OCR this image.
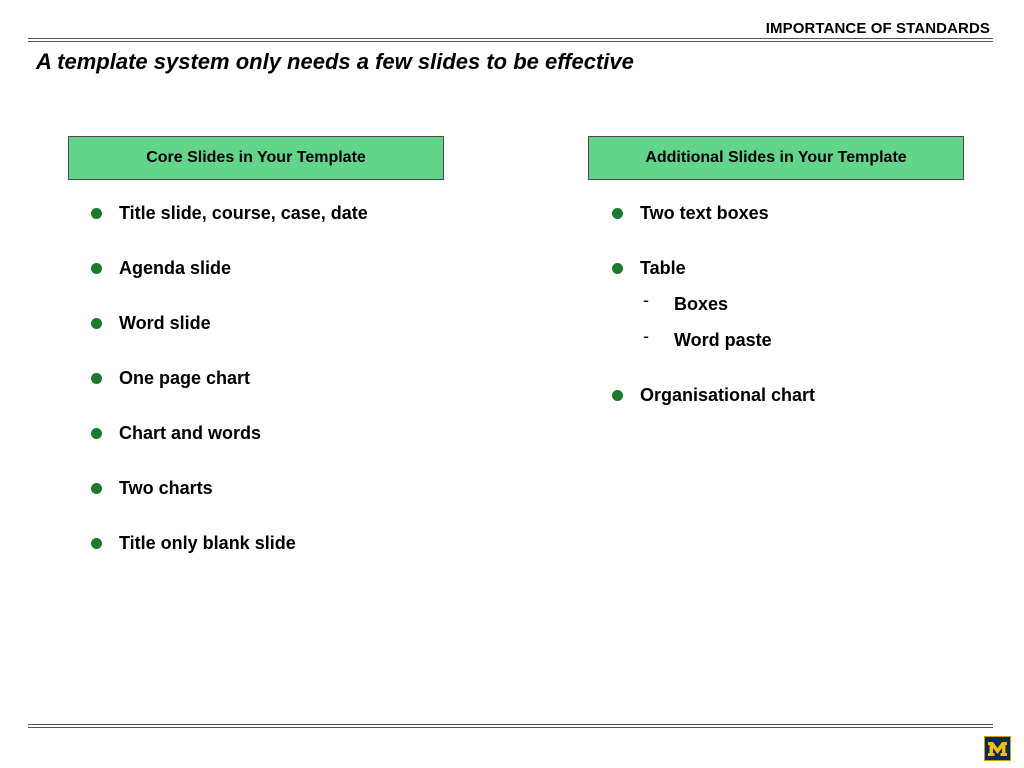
IMPORTANCE OF STANDARDS
A template system only needs a few slides to be effective
Core Slides in Your Template	Additional Slides in Your Template
Title slide, course, case, date
Agenda slide
Word slide
One page chart
Chart and words
Two charts
Title only blank slide
Two text boxes
Table
- Boxes
- Word paste
Organisational chart
